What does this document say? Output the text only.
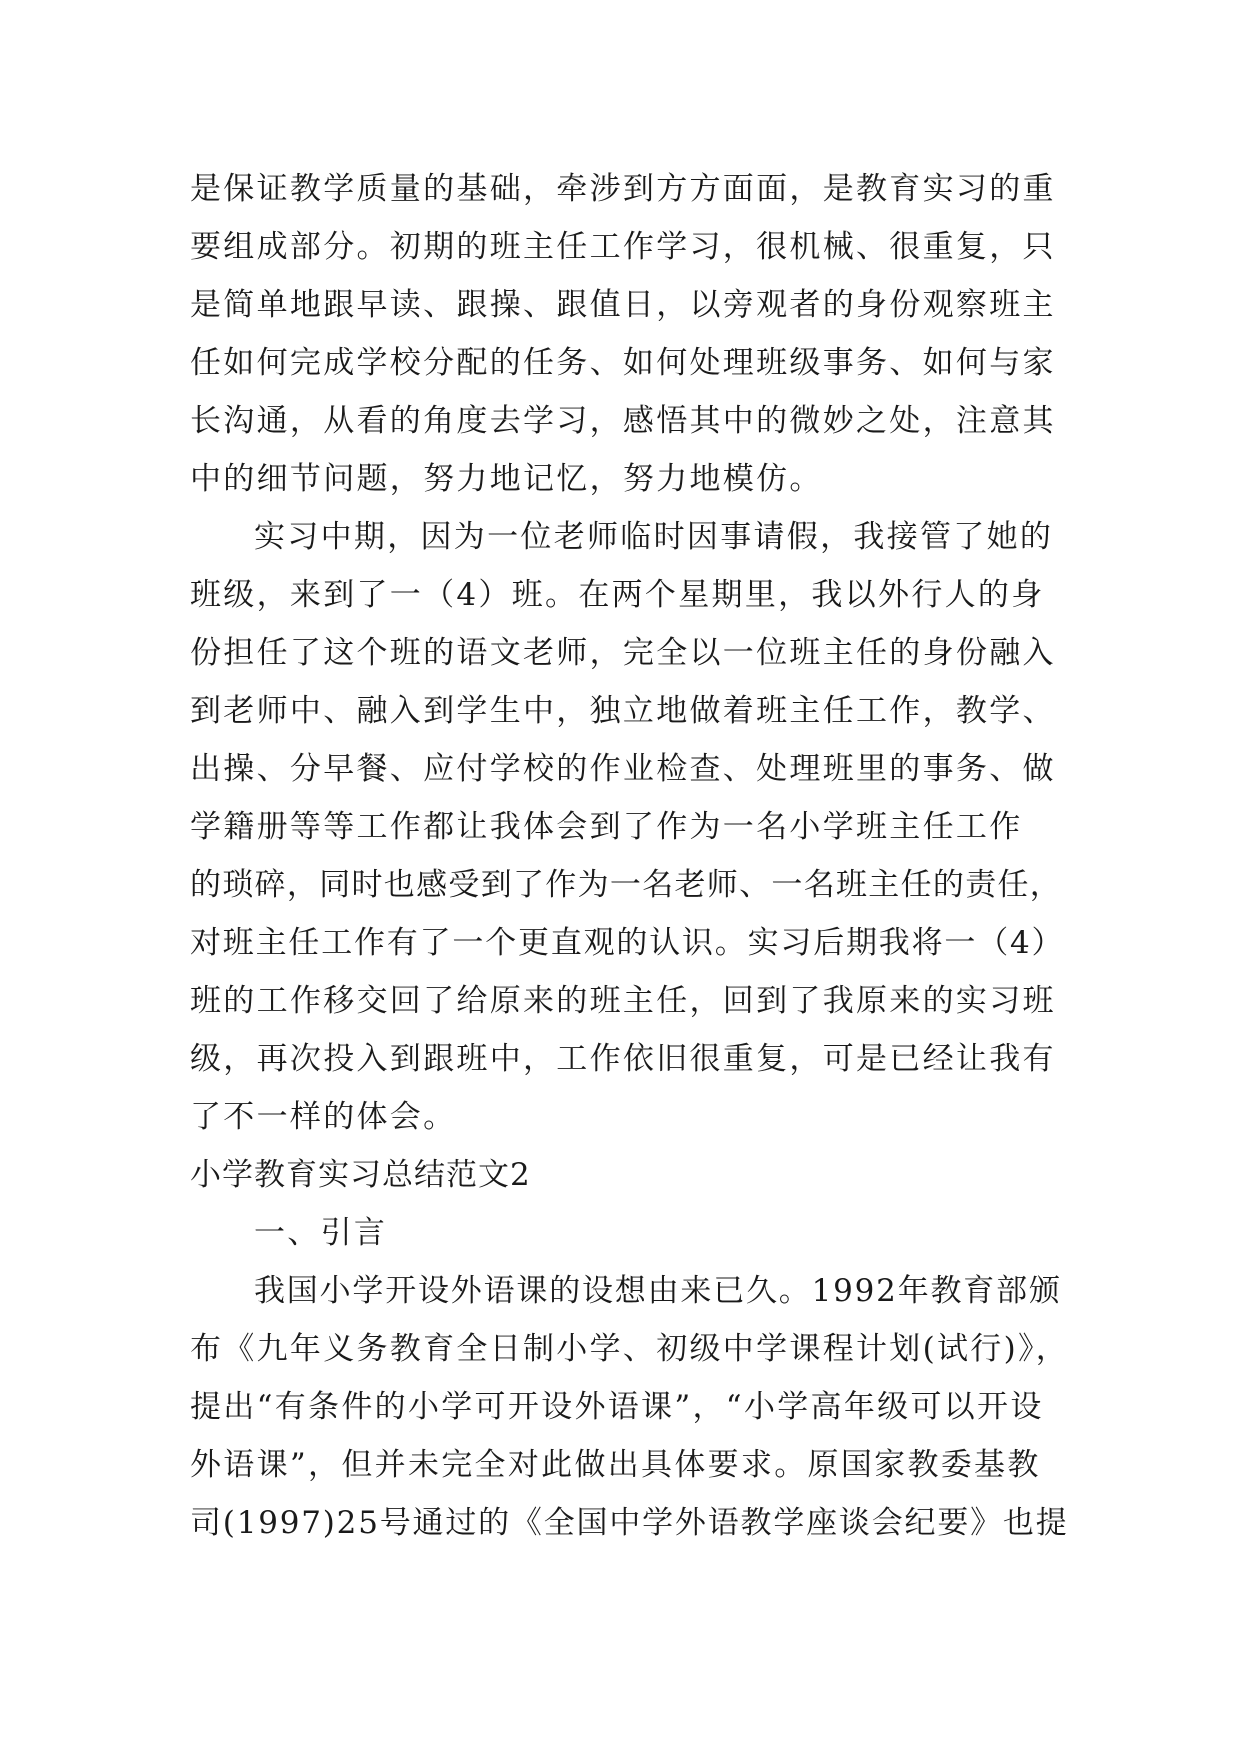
是保证教学质量的基础，牵涉到方方面面，是教育实习的重
要组成部分。初期的班主任工作学习，很机械、很重复，只
是简单地跟早读、跟操、跟值日，以旁观者的身份观察班主
任如何完成学校分配的任务、如何处理班级事务、如何与家
长沟通，从看的角度去学习，感悟其中的微妙之处，注意其
中的细节问题，努力地记忆，努力地模仿。
实习中期，因为一位老师临时因事请假，我接管了她的
班级，来到了一（4）班。在两个星期里，我以外行人的身
份担任了这个班的语文老师，完全以一位班主任的身份融入
到老师中、融入到学生中，独立地做着班主任工作，教学、
出操、分早餐、应付学校的作业检查、处理班里的事务、做
学籍册等等工作都让我体会到了作为一名小学班主任工作
的琐碎，同时也感受到了作为一名老师、一名班主任的责任，
对班主任工作有了一个更直观的认识。实习后期我将一（4）
班的工作移交回了给原来的班主任，回到了我原来的实习班
级，再次投入到跟班中，工作依旧很重复，可是已经让我有
了不一样的体会。
小学教育实习总结范文2
一、引言
我国小学开设外语课的设想由来已久。1992年教育部颁
布《九年义务教育全日制小学、初级中学课程计划(试行)》，
提出“有条件的小学可开设外语课”，“小学高年级可以开设
外语课”，但并未完全对此做出具体要求。原国家教委基教
司(1997)25号通过的《全国中学外语教学座谈会纪要》也提
